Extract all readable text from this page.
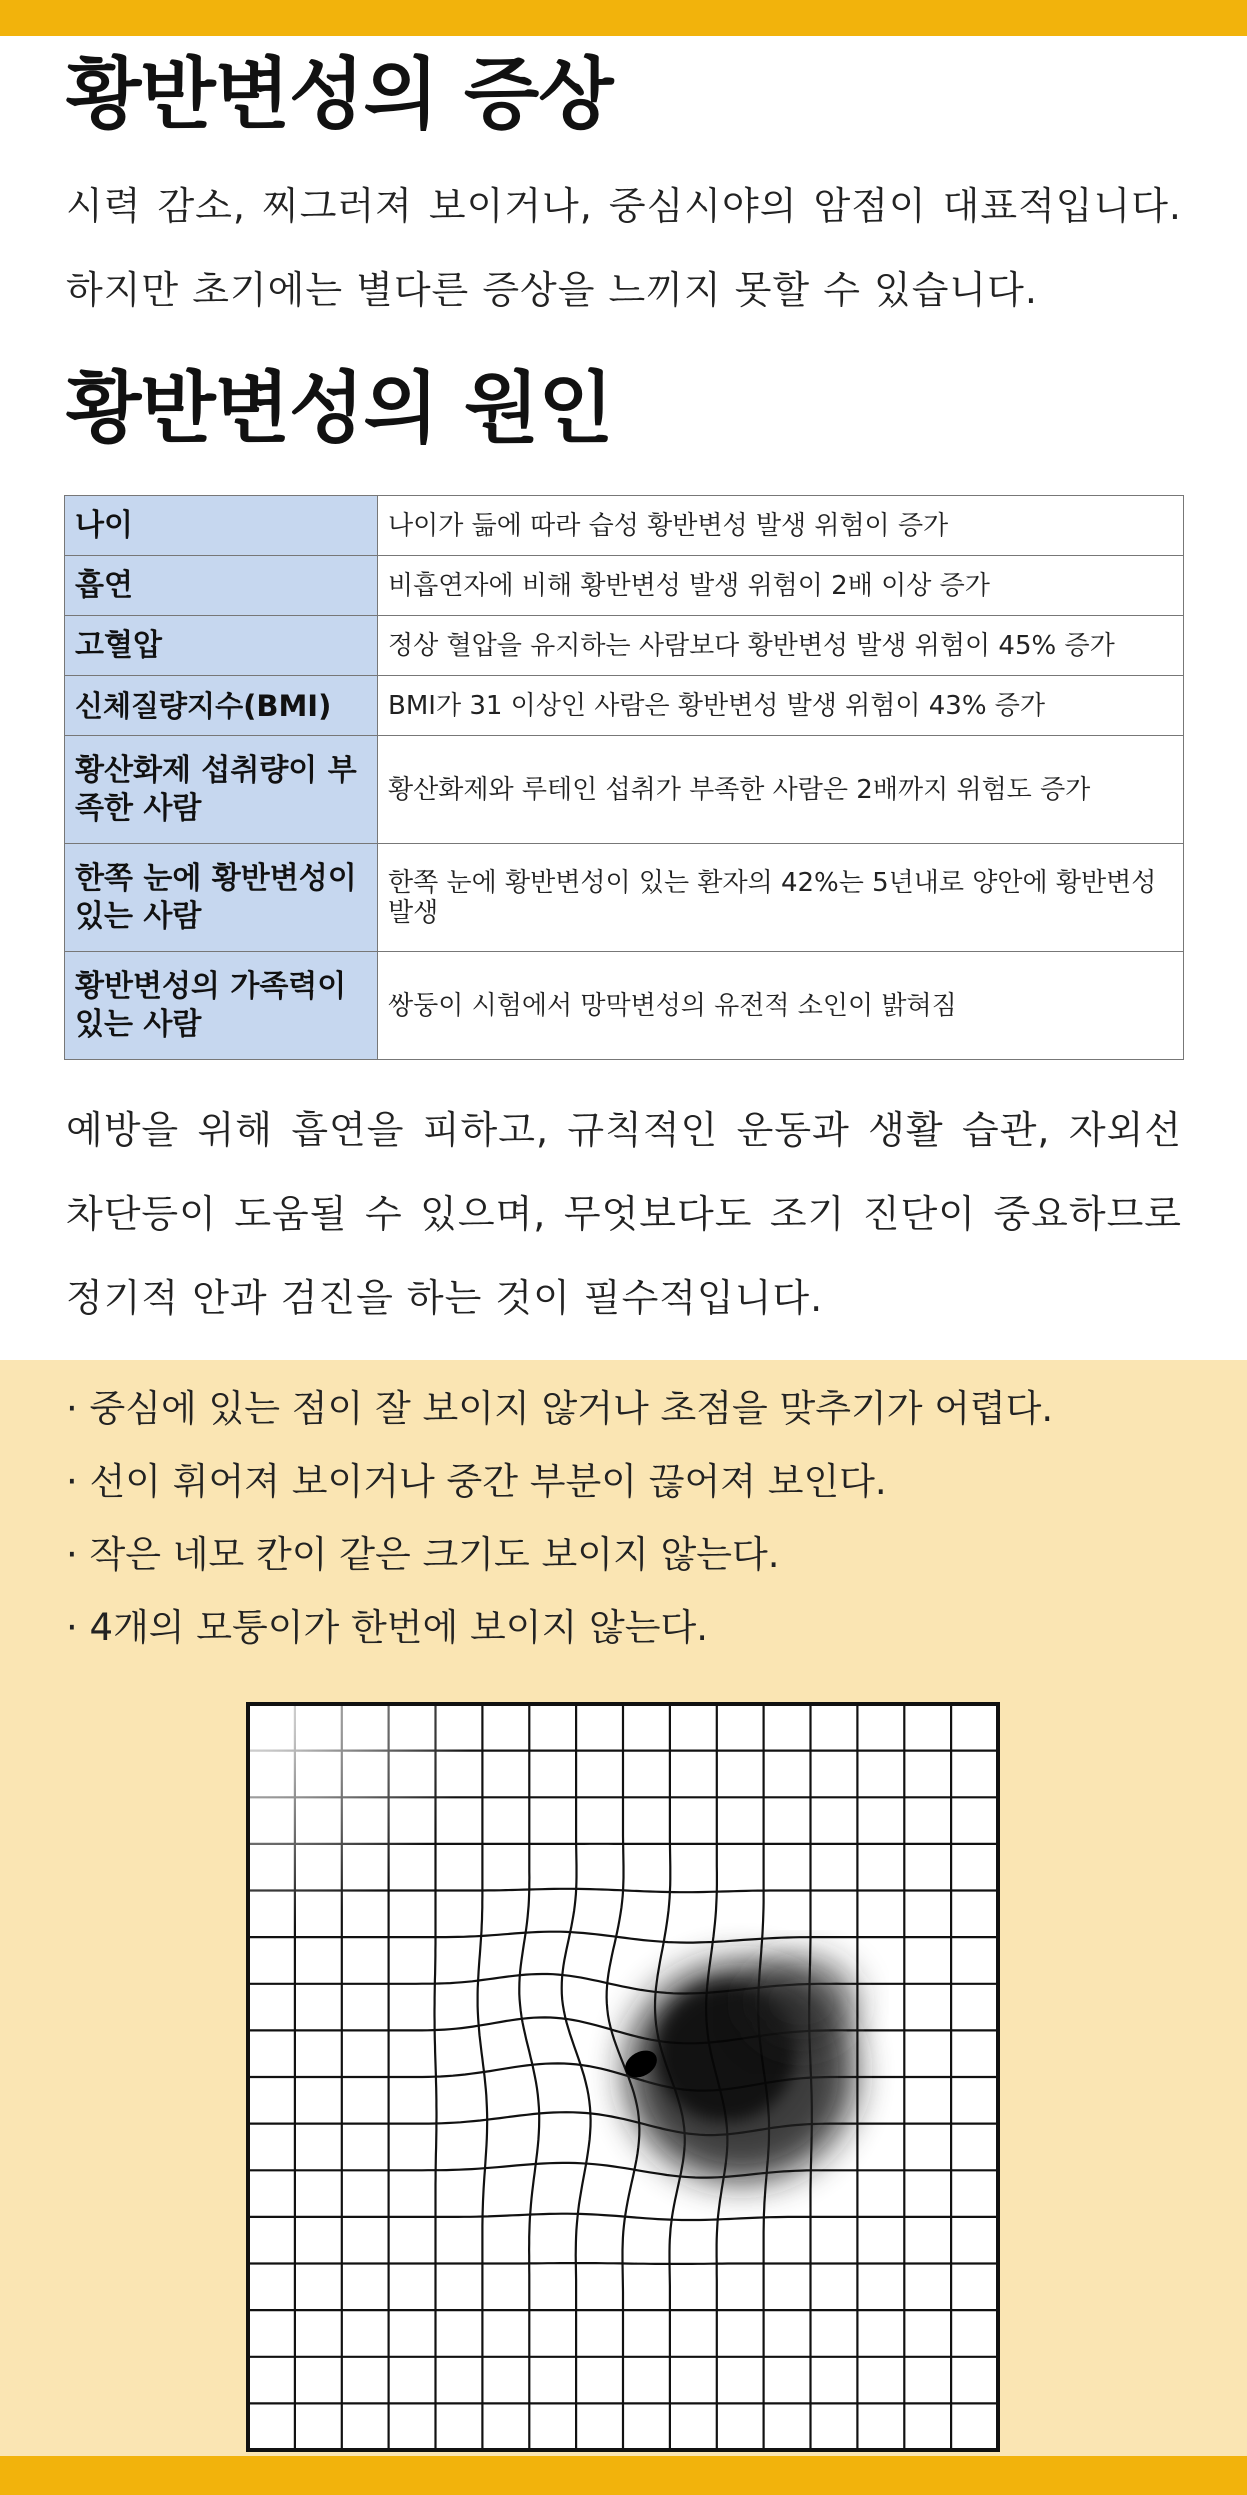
황반변성의 증상

시력 감소, 찌그러져 보이거나, 중심시야의 암점이 대표적입니다. 하지만 초기에는 별다른 증상을 느끼지 못할 수 있습니다.

황반변성의 원인
나이	나이가 듦에 따라 습성 황반변성 발생 위험이 증가
흡연	비흡연자에 비해 황반변성 발생 위험이 2배 이상 증가
고혈압	정상 혈압을 유지하는 사람보다 황반변성 발생 위험이 45% 증가
신체질량지수(BMI)	BMI가 31 이상인 사람은 황반변성 발생 위험이 43% 증가
황산화제 섭취량이 부족한 사람	황산화제와 루테인 섭취가 부족한 사람은 2배까지 위험도 증가
한쪽 눈에 황반변성이 있는 사람	한쪽 눈에 황반변성이 있는 환자의 42%는 5년내로 양안에 황반변성 발생
황반변성의 가족력이 있는 사람	쌍둥이 시험에서 망막변성의 유전적 소인이 밝혀짐

예방을 위해 흡연을 피하고, 규칙적인 운동과 생활 습관, 자외선 차단등이 도움될 수 있으며, 무엇보다도 조기 진단이 중요하므로 정기적 안과 검진을 하는 것이 필수적입니다.

· 중심에 있는 점이 잘 보이지 않거나 초점을 맞추기가 어렵다.
· 선이 휘어져 보이거나 중간 부분이 끊어져 보인다.
· 작은 네모 칸이 같은 크기도 보이지 않는다.
· 4개의 모퉁이가 한번에 보이지 않는다.
